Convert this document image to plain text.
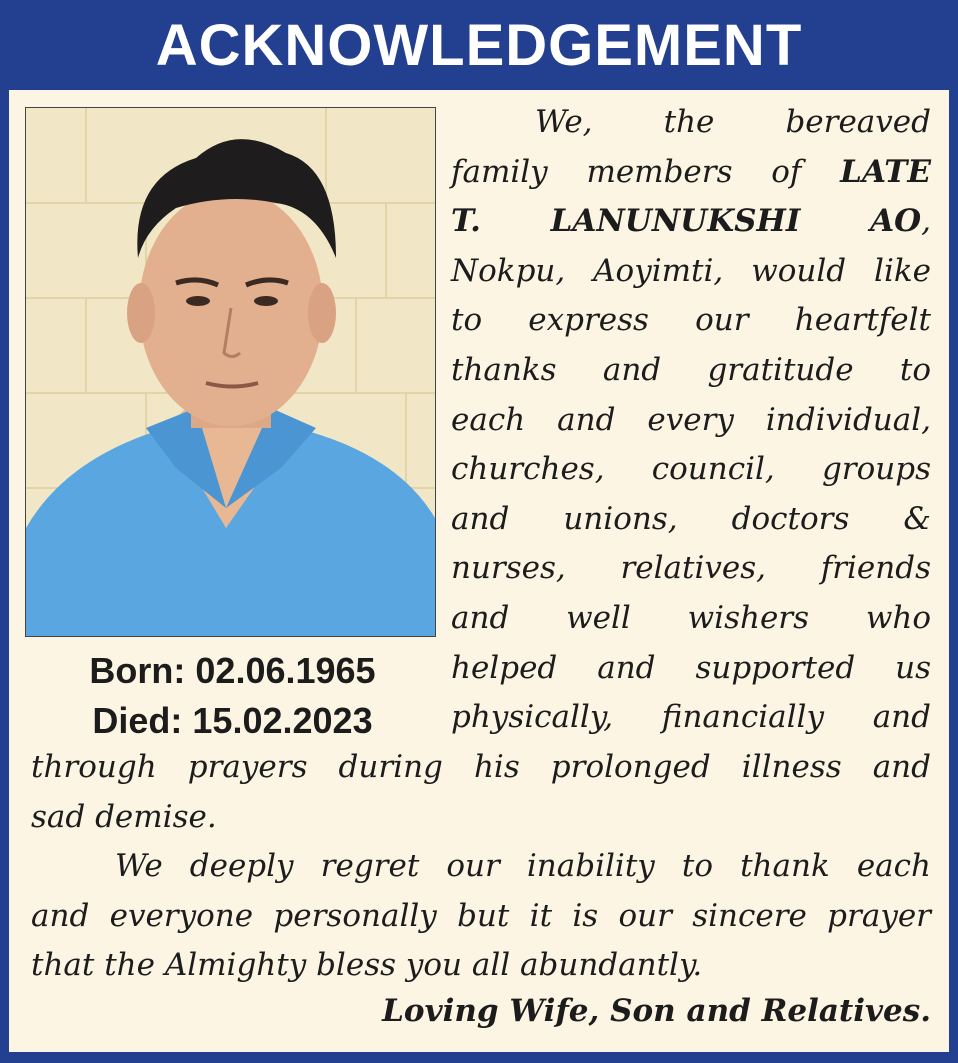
ACKNOWLEDGEMENT
Born: 02.06.1965
Died: 15.02.2023
We, the bereaved
family members of LATE
T. LANUNUKSHI AO,
Nokpu, Aoyimti, would like
to express our heartfelt
thanks and gratitude to
each and every individual,
churches, council, groups
and unions, doctors &
nurses, relatives, friends
and well wishers who
helped and supported us
physically, financially and
through prayers during his prolonged illness and
sad demise.
We deeply regret our inability to thank each
and everyone personally but it is our sincere prayer
that the Almighty bless you all abundantly.
Loving Wife, Son and Relatives.
